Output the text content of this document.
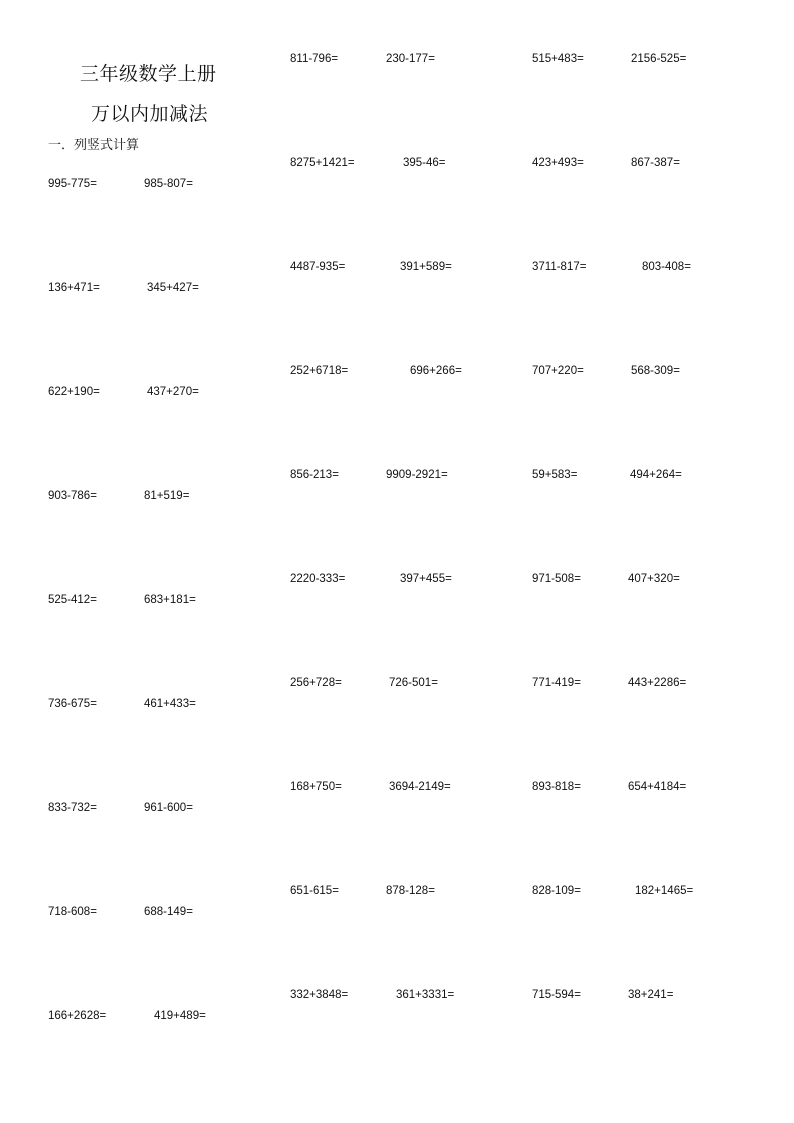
三年级数学上册
万以内加减法
一．列竖式计算
995-775=
136+471=
622+190=
903-786=
525-412=
736-675=
833-732=
718-608=
166+2628=
985-807=
345+427=
437+270=
81+519=
683+181=
461+433=
961-600=
688-149=
419+489=
811-796=
8275+1421=
4487-935=
252+6718=
856-213=
2220-333=
256+728=
168+750=
651-615=
332+3848=
230-177=
395-46=
391+589=
696+266=
9909-2921=
397+455=
726-501=
3694-2149=
878-128=
361+3331=
515+483=
423+493=
3711-817=
707+220=
59+583=
971-508=
771-419=
893-818=
828-109=
715-594=
2156-525=
867-387=
803-408=
568-309=
494+264=
407+320=
443+2286=
654+4184=
182+1465=
38+241=
